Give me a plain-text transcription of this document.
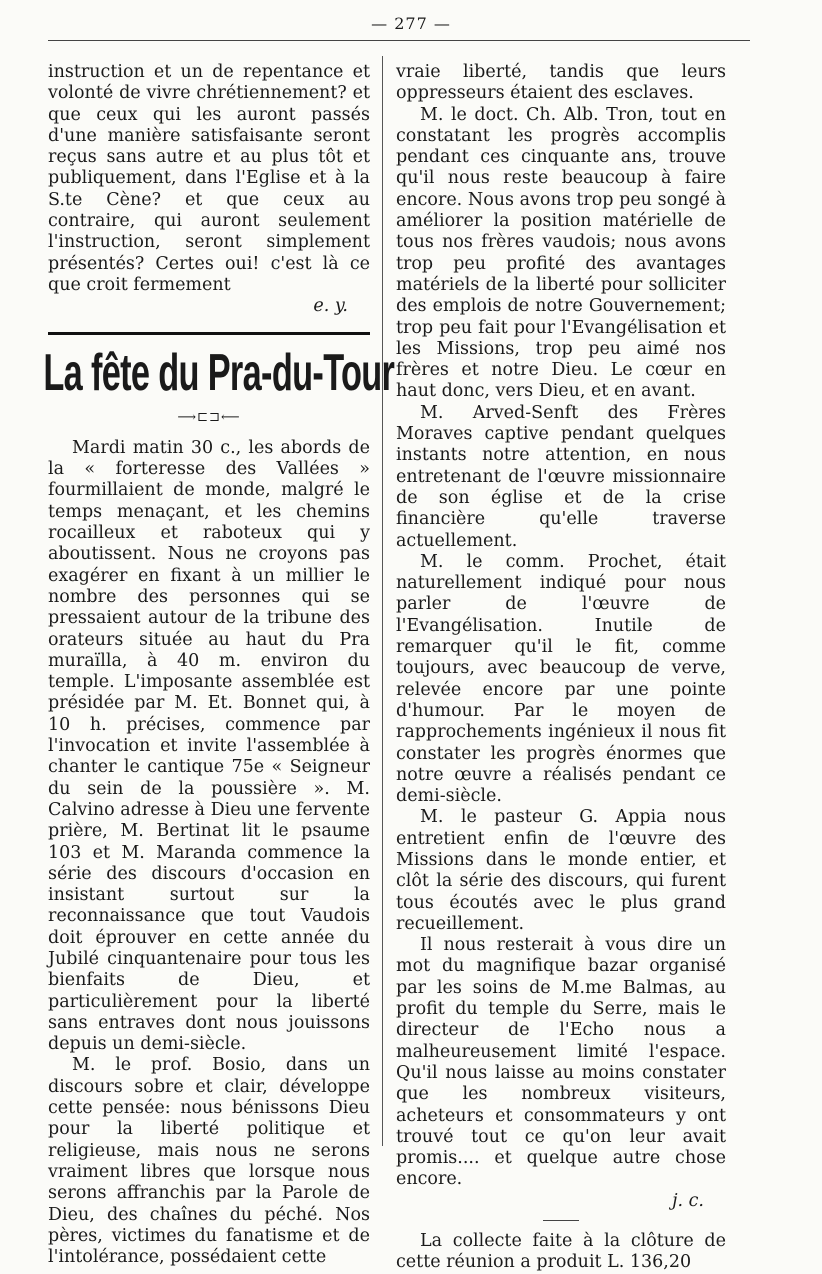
— 277 —

instruction et un de repentance et volonté de vivre chrétiennement? et que ceux qui les auront passés d'une manière satisfaisante seront reçus sans autre et au plus tôt et publiquement, dans l'Eglise et à la S.te Cène? et que ceux au contraire, qui auront seulement l'instruction, seront simplement présentés? Certes oui! c'est là ce que croit fermement

e. y.

La fête du Pra-du-Tour
⟶⊏⊐⟵

Mardi matin 30 c., les abords de la « forteresse des Vallées » fourmillaient de monde, malgré le temps menaçant, et les chemins rocailleux et raboteux qui y aboutissent. Nous ne croyons pas exagérer en fixant à un millier le nombre des personnes qui se pressaient autour de la tribune des orateurs située au haut du Pra muraïlla, à 40 m. environ du temple. L'imposante assemblée est présidée par M. Et. Bonnet qui, à 10 h. précises, commence par l'invocation et invite l'assemblée à chanter le cantique 75e « Seigneur du sein de la poussière ». M. Calvino adresse à Dieu une fervente prière, M. Bertinat lit le psaume 103 et M. Maranda commence la série des discours d'occasion en insistant surtout sur la reconnaissance que tout Vaudois doit éprouver en cette année du Jubilé cinquantenaire pour tous les bienfaits de Dieu, et particulièrement pour la liberté sans entraves dont nous jouissons depuis un demi-siècle.

M. le prof. Bosio, dans un discours sobre et clair, développe cette pensée: nous bénissons Dieu pour la liberté politique et religieuse, mais nous ne serons vraiment libres que lorsque nous serons affranchis par la Parole de Dieu, des chaînes du péché. Nos pères, victimes du fanatisme et de l'intolérance, possédaient cette

vraie liberté, tandis que leurs oppresseurs étaient des esclaves.

M. le doct. Ch. Alb. Tron, tout en constatant les progrès accomplis pendant ces cinquante ans, trouve qu'il nous reste beaucoup à faire encore. Nous avons trop peu songé à améliorer la position matérielle de tous nos frères vaudois; nous avons trop peu profité des avantages matériels de la liberté pour solliciter des emplois de notre Gouvernement; trop peu fait pour l'Evangélisation et les Missions, trop peu aimé nos frères et notre Dieu. Le cœur en haut donc, vers Dieu, et en avant.

M. Arved-Senft des Frères Moraves captive pendant quelques instants notre attention, en nous entretenant de l'œuvre missionnaire de son église et de la crise financière qu'elle traverse actuellement.

M. le comm. Prochet, était naturellement indiqué pour nous parler de l'œuvre de l'Evangélisation. Inutile de remarquer qu'il le fit, comme toujours, avec beaucoup de verve, relevée encore par une pointe d'humour. Par le moyen de rapprochements ingénieux il nous fit constater les progrès énormes que notre œuvre a réalisés pendant ce demi-siècle.

M. le pasteur G. Appia nous entretient enfin de l'œuvre des Missions dans le monde entier, et clôt la série des discours, qui furent tous écoutés avec le plus grand recueillement.

Il nous resterait à vous dire un mot du magnifique bazar organisé par les soins de M.me Balmas, au profit du temple du Serre, mais le directeur de l'Echo nous a malheureusement limité l'espace. Qu'il nous laisse au moins constater que les nombreux visiteurs, acheteurs et consommateurs y ont trouvé tout ce qu'on leur avait promis.... et quelque autre chose encore.

j. c.

La collecte faite à la clôture de cette réunion a produit L. 136,20
